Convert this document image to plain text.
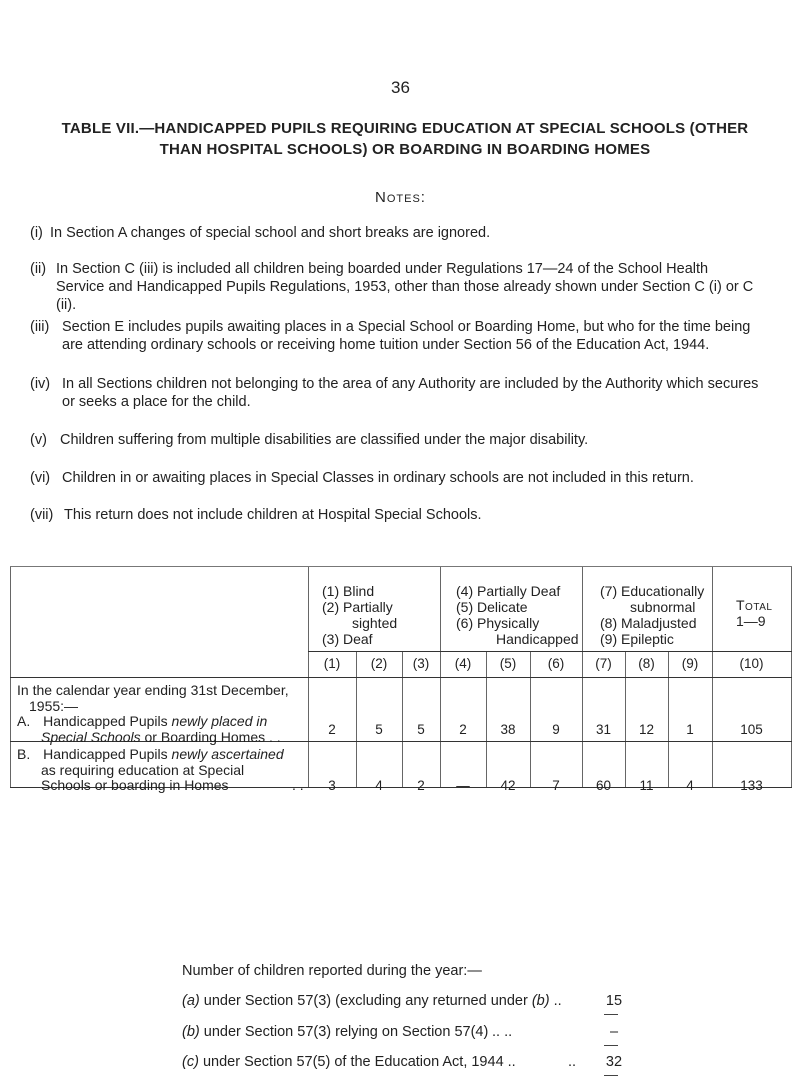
36
TABLE VII.—HANDICAPPED PUPILS REQUIRING EDUCATION AT SPECIAL SCHOOLS (OTHER THAN HOSPITAL SCHOOLS) OR BOARDING IN BOARDING HOMES
Notes:
(i) In Section A changes of special school and short breaks are ignored.
(ii) In Section C (iii) is included all children being boarded under Regulations 17—24 of the School Health Service and Handicapped Pupils Regulations, 1953, other than those already shown under Section C (i) or C (ii).
(iii) Section E includes pupils awaiting places in a Special School or Boarding Home, but who for the time being are attending ordinary schools or receiving home tuition under Section 56 of the Education Act, 1944.
(iv) In all Sections children not belonging to the area of any Authority are included by the Authority which secures or seeks a place for the child.
(v) Children suffering from multiple disabilities are classified under the major disability.
(vi) Children in or awaiting places in Special Classes in ordinary schools are not included in this return.
(vii) This return does not include children at Hospital Special Schools.
(1) Blind
(2) Partially
sighted
(3) Deaf
(4) Partially Deaf
(5) Delicate
(6) Physically
Handicapped
(7) Educationally
subnormal
(8) Maladjusted
(9) Epileptic
Total
1—9
(1)	(2)	(3)	(4)	(5)	(6)	(7)	(8)	(9)	(10)
In the calendar year ending 31st December,
1955:—
A. Handicapped Pupils newly placed in
Special Schools or Boarding Homes . .	2	5	5	2	38	9	31	12	1	105
B. Handicapped Pupils newly ascertained
as requiring education at Special
Schools or boarding in Homes	. .	3	4	2	—	42	7	60	11	4	133
Number of children reported during the year:—
(a) under Section 57(3) (excluding any returned under (b) ..	15
(b) under Section 57(3) relying on Section 57(4) .. ..	–
(c) under Section 57(5) of the Education Act, 1944 ..	..	32
